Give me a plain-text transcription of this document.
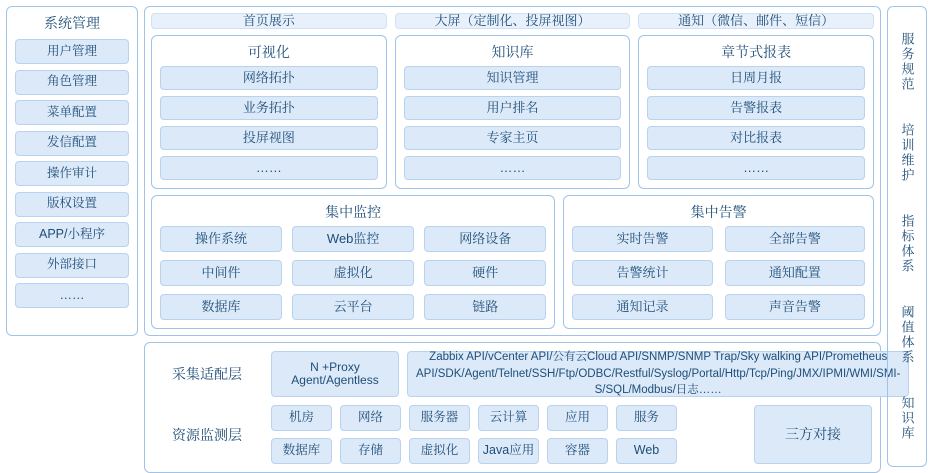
系统管理
用户管理
角色管理
菜单配置
发信配置
操作审计
版权设置
APP/小程序
外部接口
……
首页展示	大屏（定制化、投屏视图）	通知（微信、邮件、短信）
可视化
网络拓扑
业务拓扑
投屏视图
……
知识库
知识管理
用户排名
专家主页
……
章节式报表
日周月报
告警报表
对比报表
……
集中监控
操作系统	Web监控	网络设备
中间件	虚拟化	硬件
数据库	云平台	链路
集中告警
实时告警	全部告警
告警统计	通知配置
通知记录	声音告警
采集适配层	N +Proxy Agent/Agentless
Zabbix API/vCenter API/公有云Cloud API/SNMP/SNMP Trap/Sky walking API/Prometheus API/SDK/Agent/Telnet/SSH/Ftp/ODBC/Restful/Syslog/Portal/Http/Tcp/Ping/JMX/IPMI/WMI/SMI-S/SQL/Modbus/日志……
资源监测层
机房	网络	服务器	云计算	应用	服务
数据库	存储	虚拟化	Java应用	容器	Web
三方对接
服务规范
培训维护
指标体系
阈值体系
知识库
